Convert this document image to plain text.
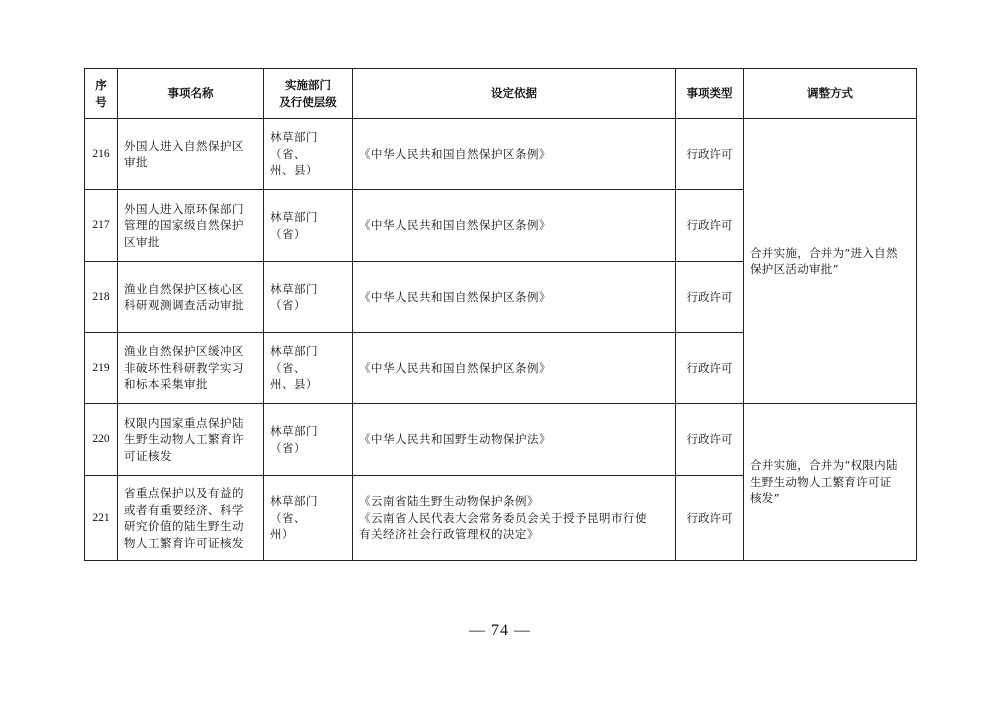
序
号	事项名称	实施部门
及行使层级	设定依据	事项类型	调整方式
216	外国人进入自然保护区
审批	林草部门（省、
州、县）	《中华人民共和国自然保护区条例》	行政许可	合并实施，合并为“进入自然
保护区活动审批”

217	外国人进入原环保部门
管理的国家级自然保护
区审批	林草部门（省）	《中华人民共和国自然保护区条例》	行政许可	
218	渔业自然保护区核心区
科研观测调查活动审批	林草部门（省）	《中华人民共和国自然保护区条例》	行政许可	
219	渔业自然保护区缓冲区
非破坏性科研教学实习
和标本采集审批	林草部门（省、
州、县）	《中华人民共和国自然保护区条例》	行政许可	
220	权限内国家重点保护陆
生野生动物人工繁育许
可证核发	林草部门（省）	《中华人民共和国野生动物保护法》	行政许可	合并实施，合并为“权限内陆
生野生动物人工繁育许可证
核发”

221	省重点保护以及有益的
或者有重要经济、科学
研究价值的陆生野生动
物人工繁育许可证核发	林草部门（省、
州）	《云南省陆生野生动物保护条例》
《云南省人民代表大会常务委员会关于授予昆明市行使
有关经济社会行政管理权的决定》	行政许可	
— 74 —
